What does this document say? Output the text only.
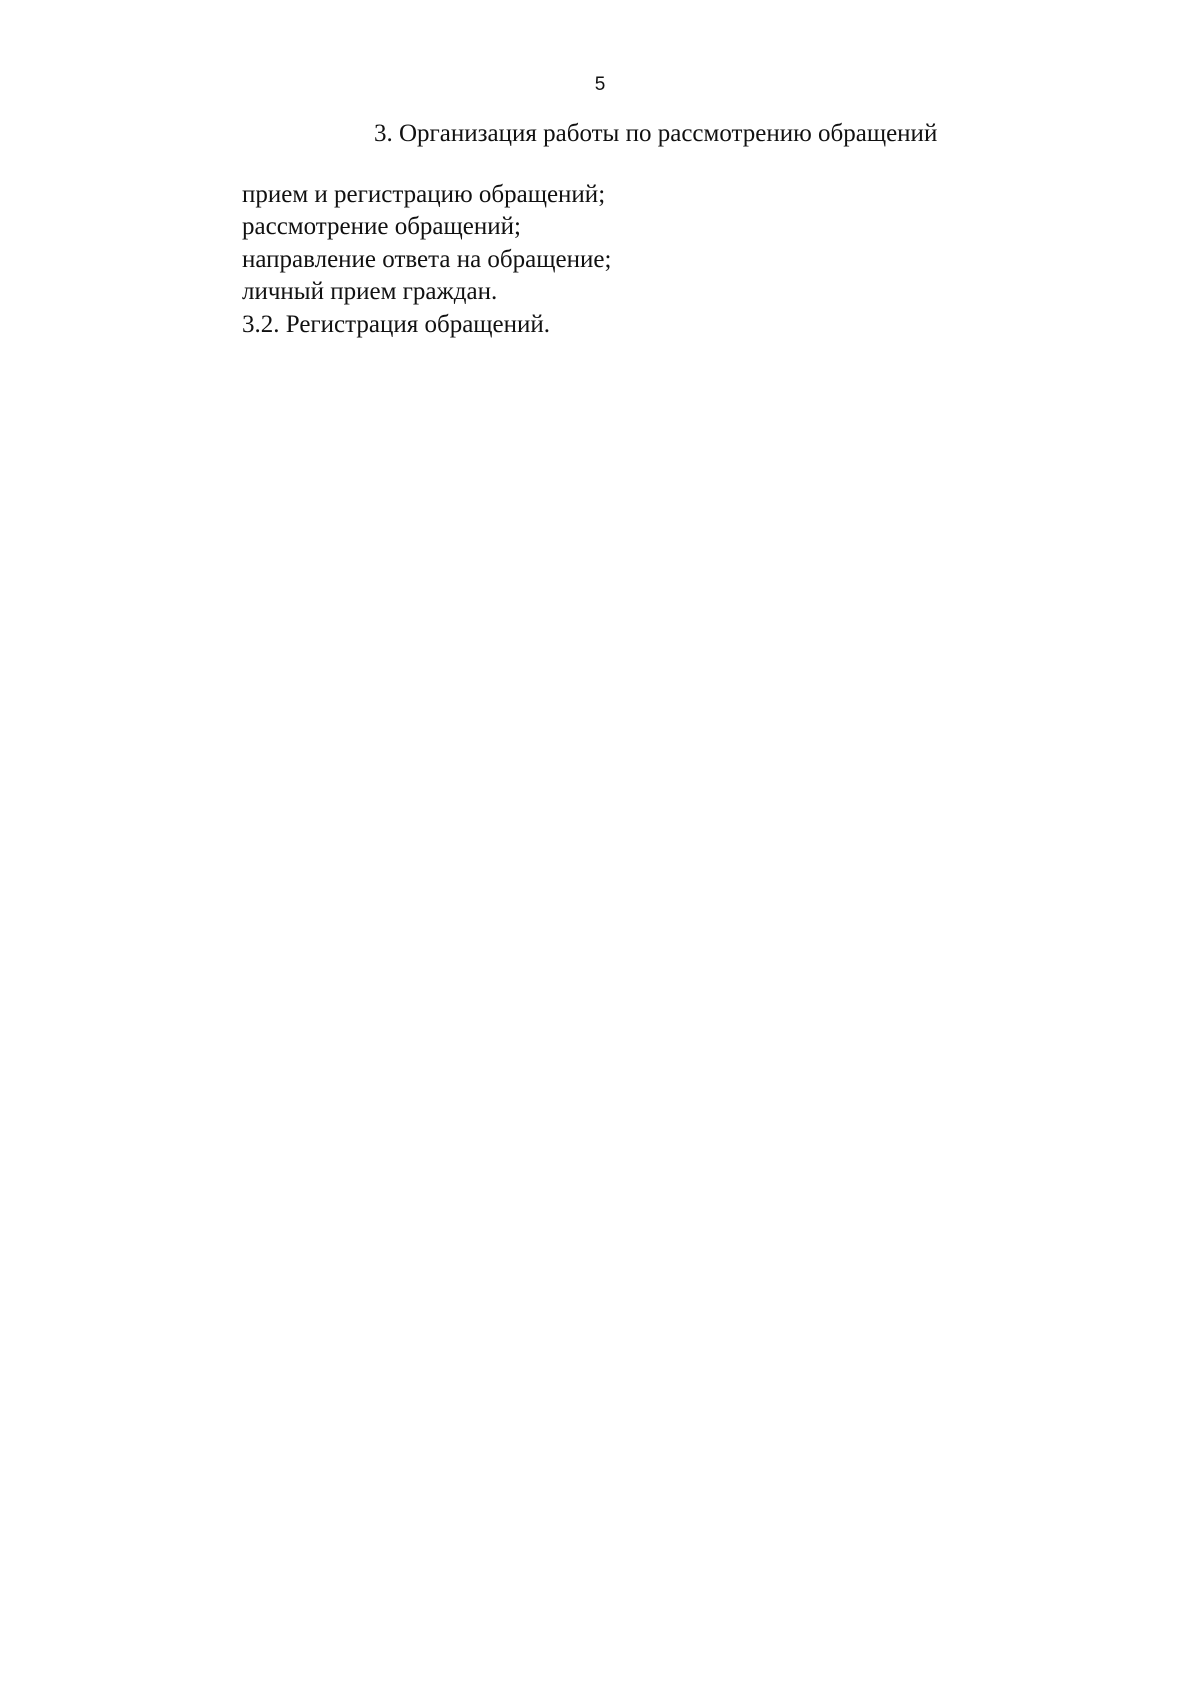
5

3. Организация работы по рассмотрению обращений

прием и регистрацию обращений;

рассмотрение обращений;

направление ответа на обращение;

личный прием граждан.

3.2. Регистрация обращений.
